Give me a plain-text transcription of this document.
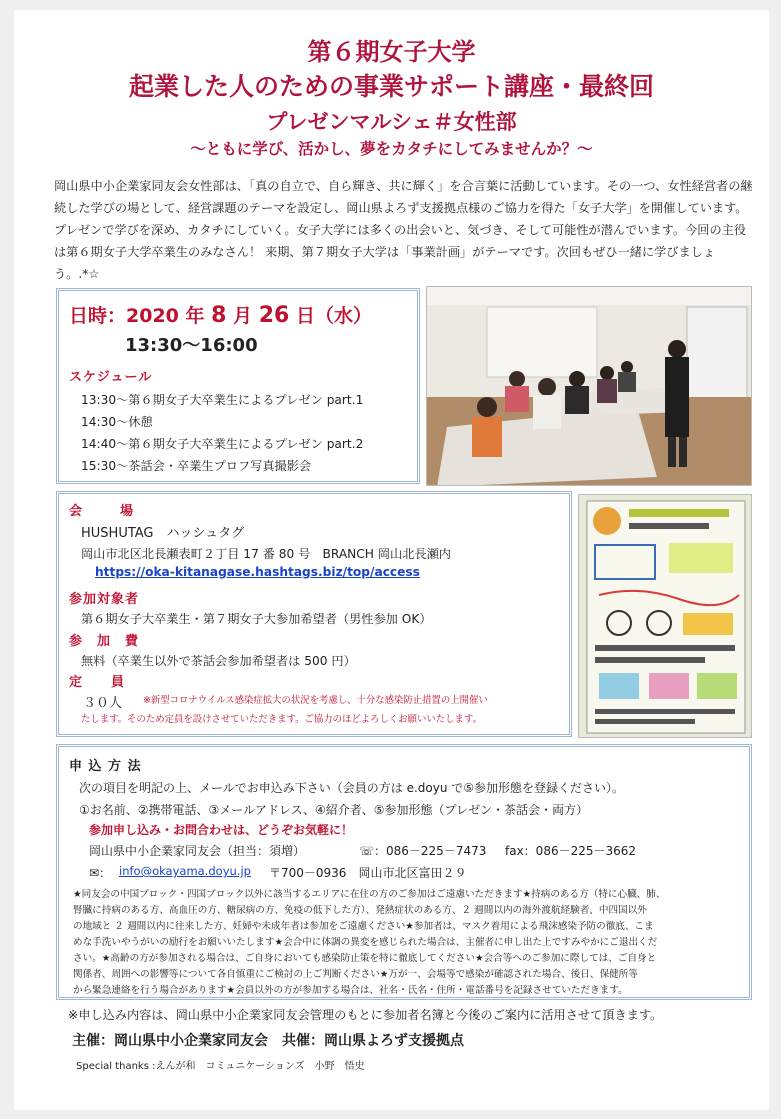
第６期女子大学
起業した人のための事業サポート講座・最終回
プレゼンマルシェ＃女性部
～ともに学び、活かし、夢をカタチにしてみませんか？～
岡山県中小企業家同友会女性部は、「真の自立で、自ら輝き、共に輝く」を合言葉に活動しています。その一つ、女性経営者の継続した学びの場として、経営課題のテーマを設定し、岡山県よろず支援拠点様のご協力を得た「女子大学」を開催しています。プレゼンで学びを深め、カタチにしていく。女子大学には多くの出会いと、気づき、そして可能性が潜んでいます。今回の主役は第６期女子大学卒業生のみなさん！ 来期、第７期女子大学は「事業計画」がテーマです。次回もぜひ一緒に学びましょう。.*☆
日時：2020 年 8 月 26 日（水）
13:30～16:00
スケジュール
13:30～第６期女子大卒業生によるプレゼン part.1
14:30～休憩
14:40～第６期女子大卒業生によるプレゼン part.2
15:30～茶話会・卒業生プロフ写真撮影会
会　　場
HUSHUTAG　ハッシュタグ
岡山市北区北長瀬表町２丁目 17 番 80 号　BRANCH 岡山北長瀬内
https://oka-kitanagase.hashtags.biz/top/access
参加対象者
第６期女子大卒業生・第７期女子大参加希望者（男性参加 OK）
参　加　費
無料（卒業生以外で茶話会参加希望者は 500 円）
定　　員
３０人 ※新型コロナウイルス感染症拡大の状況を考慮し、十分な感染防止措置の上開催い
たします。そのため定員を設けさせていただきます。ご協力のほどよろしくお願いいたします。
申 込 方 法
次の項目を明記の上、メールでお申込み下さい（会員の方は e.doyu で⑤参加形態を登録ください）。
①お名前、②携帯電話、③メールアドレス、④紹介者、⑤参加形態（プレゼン・茶話会・両方）
参加申し込み・お問合わせは、どうぞお気軽に！
岡山県中小企業家同友会（担当：須増）	☏：086－225－7473 fax：086－225－3662
✉： info@okayama.doyu.jp 〒700－0936　岡山市北区富田２９
★同友会の中国ブロック・四国ブロック以外に該当するエリアに在住の方のご参加はご遠慮いただきます★持病のある方（特に心臓、肺、
腎臓に持病のある方、高血圧の方、糖尿病の方、免疫の低下した方）、発熱症状のある方、２ 週間以内の海外渡航経験者、中四国以外
の地域と ２ 週間以内に往来した方、妊婦や未成年者は参加をご遠慮ください★参加者は、マスク着用による飛沫感染予防の徹底、こま
めな手洗いやうがいの励行をお願いいたします★会合中に体調の異変を感じられた場合は、主催者に申し出た上ですみやかにご退出くだ
さい。★高齢の方が参加される場合は、ご自身においても感染防止策を特に徹底してください★会合等へのご参加に際しては、ご自身と
関係者、周囲への影響等について各自慎重にご検討の上ご判断ください★万が一、会場等で感染が確認された場合、後日、保健所等
から緊急連絡を行う場合があります★会員以外の方が参加する場合は、社名・氏名・住所・電話番号を記録させていただきます。
※申し込み内容は、岡山県中小企業家同友会管理のもとに参加者名簿と今後のご案内に活用させて頂きます。
主催：岡山県中小企業家同友会　共催：岡山県よろず支援拠点
Special thanks :えんが和　コミュニケーションズ　小野　悟史
